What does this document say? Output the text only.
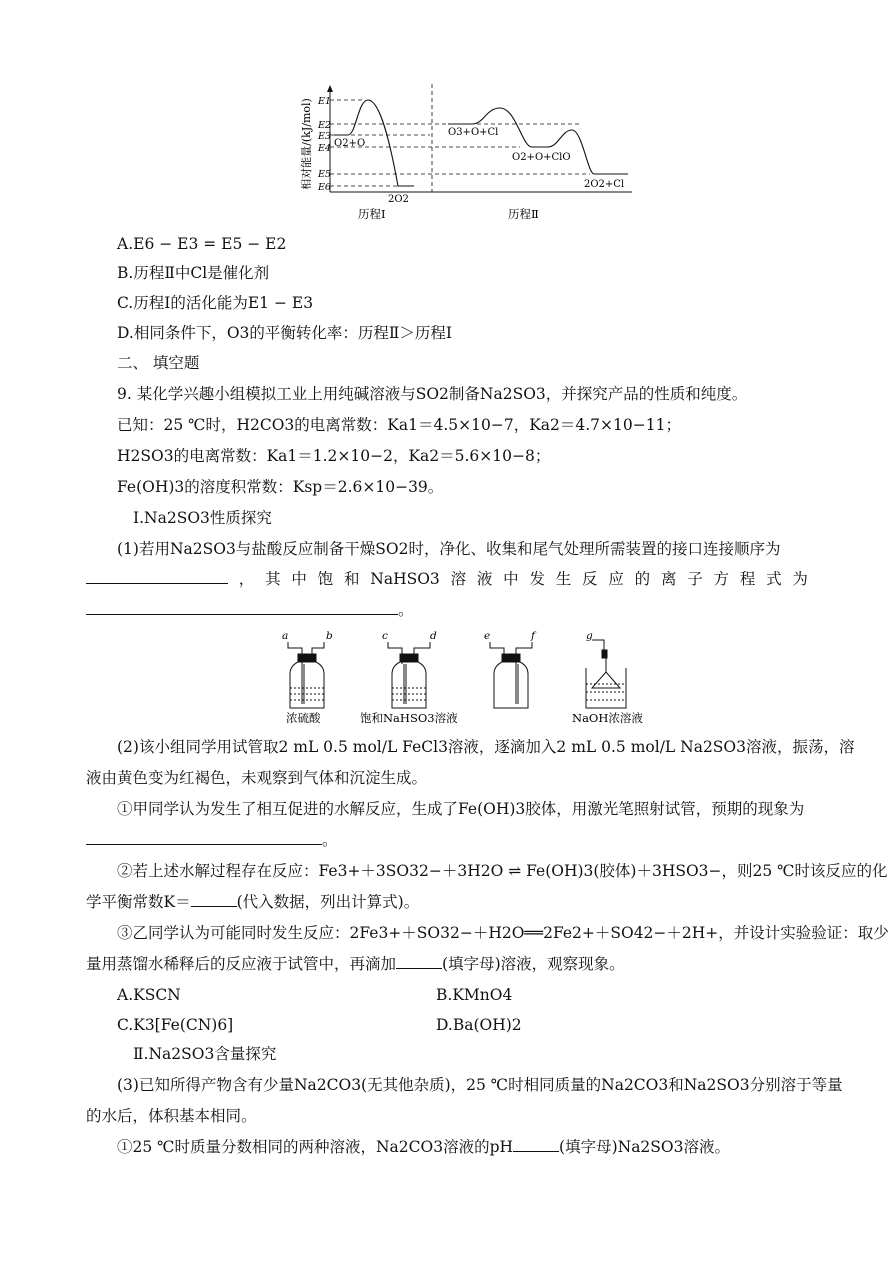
相对能量/(kJ/mol) E1
E2
E3
E4
E5
E6
O2+O
O3+O+Cl
O2+O+ClO
2O2+Cl
2O2
历程Ⅰ	历程Ⅱ
A.E6 − E3 = E5 − E2
B.历程Ⅱ中Cl是催化剂
C.历程Ⅰ的活化能为E1 − E3
D.相同条件下，O3的平衡转化率：历程Ⅱ＞历程Ⅰ
二、 填空题
9. 某化学兴趣小组模拟工业上用纯碱溶液与SO2制备Na2SO3，并探究产品的性质和纯度。
已知：25 ℃时，H2CO3的电离常数：Ka1＝4.5×10−7，Ka2＝4.7×10−11；
H2SO3的电离常数：Ka1＝1.2×10−2，Ka2＝5.6×10−8；
Fe(OH)3的溶度积常数：Ksp＝2.6×10−39。
Ⅰ.Na2SO3性质探究
(1)若用Na2SO3与盐酸反应制备干燥SO2时，净化、收集和尾气处理所需装置的接口连接顺序为
， 其 中 饱 和 NaHSO3 溶 液 中 发 生 反 应 的 离 子 方 程 式 为
。
a	b	c	d	e	f	g
浓硫酸	饱和NaHSO3溶液	NaOH浓溶液
(2)该小组同学用试管取2 mL 0.5 mol/L FeCl3溶液，逐滴加入2 mL 0.5 mol/L Na2SO3溶液，振荡，溶
液由黄色变为红褐色，未观察到气体和沉淀生成。
①甲同学认为发生了相互促进的水解反应，生成了Fe(OH)3胶体，用激光笔照射试管，预期的现象为
。
②若上述水解过程存在反应：Fe3+＋3SO32−＋3H2O ⇌ Fe(OH)3(胶体)＋3HSO3−，则25 ℃时该反应的化
学平衡常数K＝	(代入数据，列出计算式)。
③乙同学认为可能同时发生反应：2Fe3+＋SO32−＋H2O══2Fe2+＋SO42−＋2H+，并设计实验验证：取少
量用蒸馏水稀释后的反应液于试管中，再滴加	(填字母)溶液，观察现象。
A.KSCN	B.KMnO4
C.K3[Fe(CN)6]	D.Ba(OH)2
Ⅱ.Na2SO3含量探究
(3)已知所得产物含有少量Na2CO3(无其他杂质)，25 ℃时相同质量的Na2CO3和Na2SO3分别溶于等量
的水后，体积基本相同。
①25 ℃时质量分数相同的两种溶液，Na2CO3溶液的pH	(填字母)Na2SO3溶液。
